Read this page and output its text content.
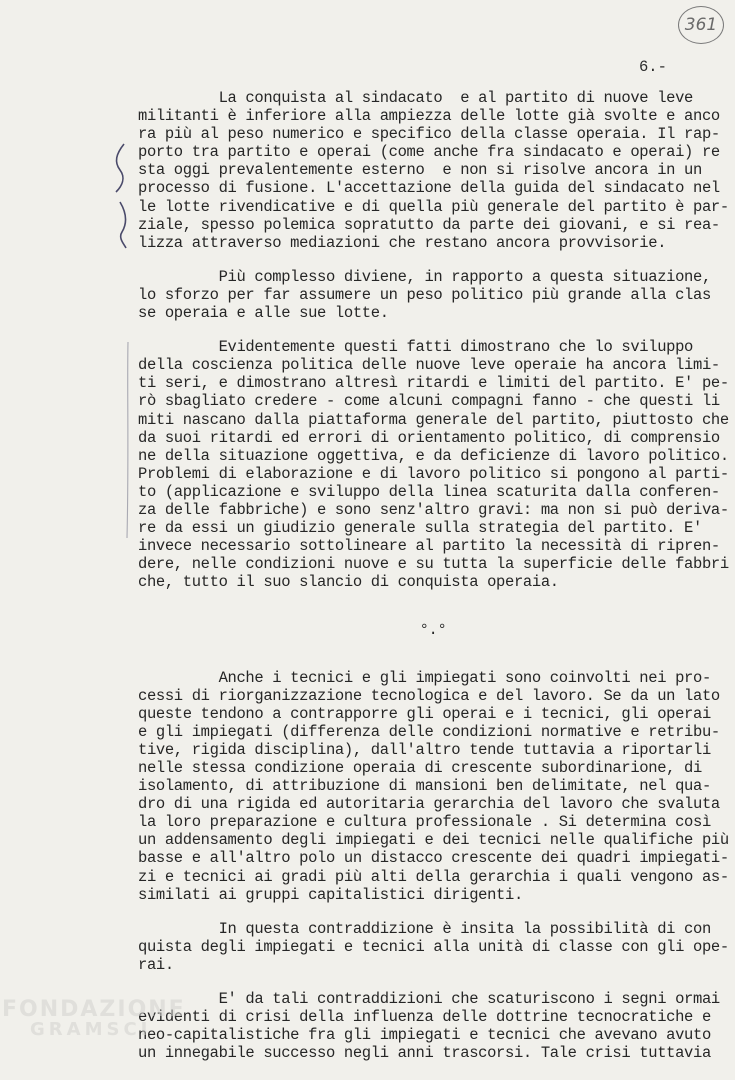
361
6.-
La conquista al sindacato  e al partito di nuove leve
militanti è inferiore alla ampiezza delle lotte già svolte e anco
ra più al peso numerico e specifico della classe operaia. Il rap-
porto tra partito e operai (come anche fra sindacato e operai) re
sta oggi prevalentemente esterno  e non si risolve ancora in un
processo di fusione. L'accettazione della guida del sindacato nel
le lotte rivendicative e di quella più generale del partito è par-
ziale, spesso polemica sopratutto da parte dei giovani, e si rea-
lizza attraverso mediazioni che restano ancora provvisorie.
Più complesso diviene, in rapporto a questa situazione,
lo sforzo per far assumere un peso politico più grande alla clas
se operaia e alle sue lotte.
Evidentemente questi fatti dimostrano che lo sviluppo
della coscienza politica delle nuove leve operaie ha ancora limi-
ti seri, e dimostrano altresì ritardi e limiti del partito. E' pe-
rò sbagliato credere - come alcuni compagni fanno - che questi li
miti nascano dalla piattaforma generale del partito, piuttosto che
da suoi ritardi ed errori di orientamento politico, di comprensio
ne della situazione oggettiva, e da deficienze di lavoro politico.
Problemi di elaborazione e di lavoro politico si pongono al parti-
to (applicazione e sviluppo della linea scaturita dalla conferen-
za delle fabbriche) e sono senz'altro gravi: ma non si può deriva-
re da essi un giudizio generale sulla strategia del partito. E'
invece necessario sottolineare al partito la necessità di ripren-
dere, nelle condizioni nuove e su tutta la superficie delle fabbri
che, tutto il suo slancio di conquista operaia.
°.°
Anche i tecnici e gli impiegati sono coinvolti nei pro-
cessi di riorganizzazione tecnologica e del lavoro. Se da un lato
queste tendono a contrapporre gli operai e i tecnici, gli operai
e gli impiegati (differenza delle condizioni normative e retribu-
tive, rigida disciplina), dall'altro tende tuttavia a riportarli
nelle stessa condizione operaia di crescente subordinarione, di
isolamento, di attribuzione di mansioni ben delimitate, nel qua-
dro di una rigida ed autoritaria gerarchia del lavoro che svaluta
la loro preparazione e cultura professionale . Si determina così
un addensamento degli impiegati e dei tecnici nelle qualifiche più
basse e all'altro polo un distacco crescente dei quadri impiegati-
zi e tecnici ai gradi più alti della gerarchia i quali vengono as-
similati ai gruppi capitalistici dirigenti.
In questa contraddizione è insita la possibilità di con
quista degli impiegati e tecnici alla unità di classe con gli ope-
rai.
E' da tali contraddizioni che scaturiscono i segni ormai
evidenti di crisi della influenza delle dottrine tecnocratiche e
neo-capitalistiche fra gli impiegati e tecnici che avevano avuto
un innegabile successo negli anni trascorsi. Tale crisi tuttavia
FONDAZIONE
GRAMSCI
